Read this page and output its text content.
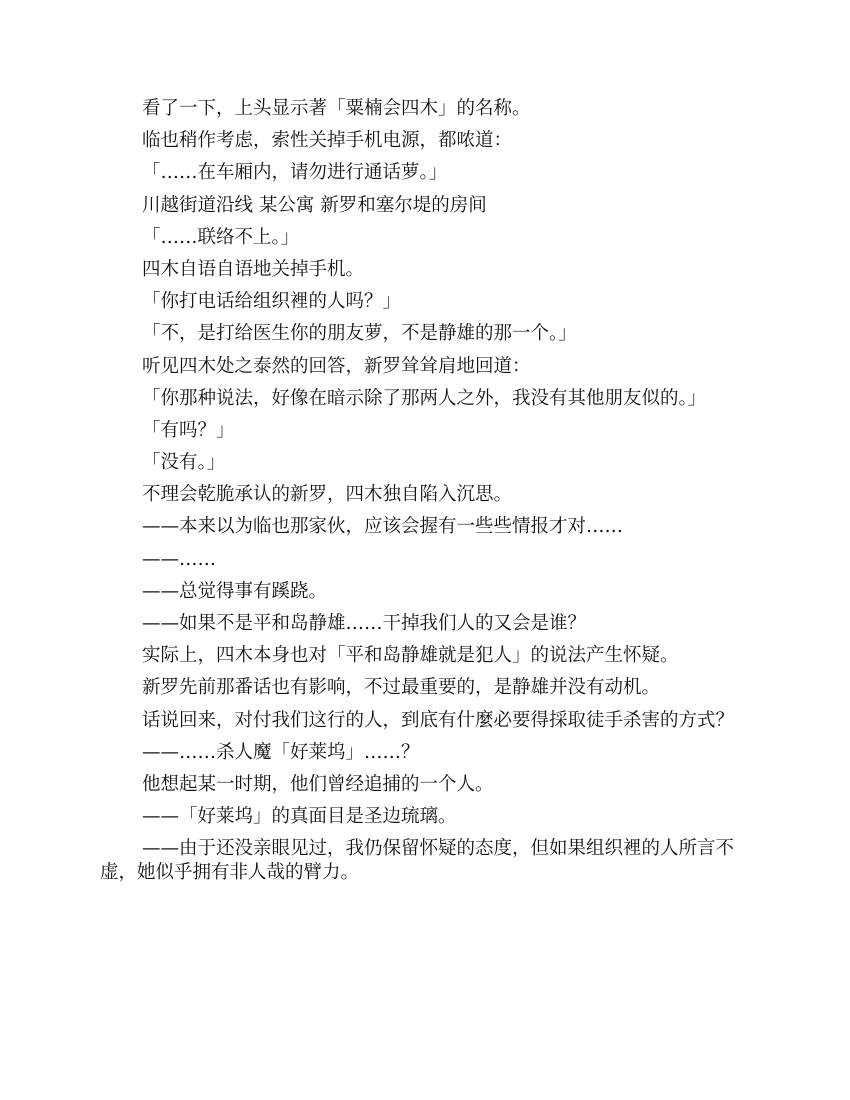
看了一下，上头显示著「粟楠会四木」的名称。

临也稍作考虑，索性关掉手机电源，都哝道：

「……在车厢内，请勿进行通话萝。」

川越街道沿线 某公寓 新罗和塞尔堤的房间

「……联络不上。」

四木自语自语地关掉手机。

「你打电话给组织裡的人吗？」

「不，是打给医生你的朋友萝，不是静雄的那一个。」

听见四木处之泰然的回答，新罗耸耸肩地回道：

「你那种说法，好像在暗示除了那两人之外，我没有其他朋友似的。」

「有吗？」

「没有。」

不理会乾脆承认的新罗，四木独自陷入沉思。

——本来以为临也那家伙，应该会握有一些些情报才对……

——……

——总觉得事有蹊跷。

——如果不是平和岛静雄……干掉我们人的又会是谁？

实际上，四木本身也对「平和岛静雄就是犯人」的说法产生怀疑。

新罗先前那番话也有影响，不过最重要的，是静雄并没有动机。

话说回来，对付我们这行的人，到底有什麼必要得採取徒手杀害的方式？

——……杀人魔「好莱坞」……？

他想起某一时期，他们曾经追捕的一个人。

——「好莱坞」的真面目是圣边琉璃。

——由于还没亲眼见过，我仍保留怀疑的态度，但如果组织裡的人所言不虚，她似乎拥有非人哉的臂力。
